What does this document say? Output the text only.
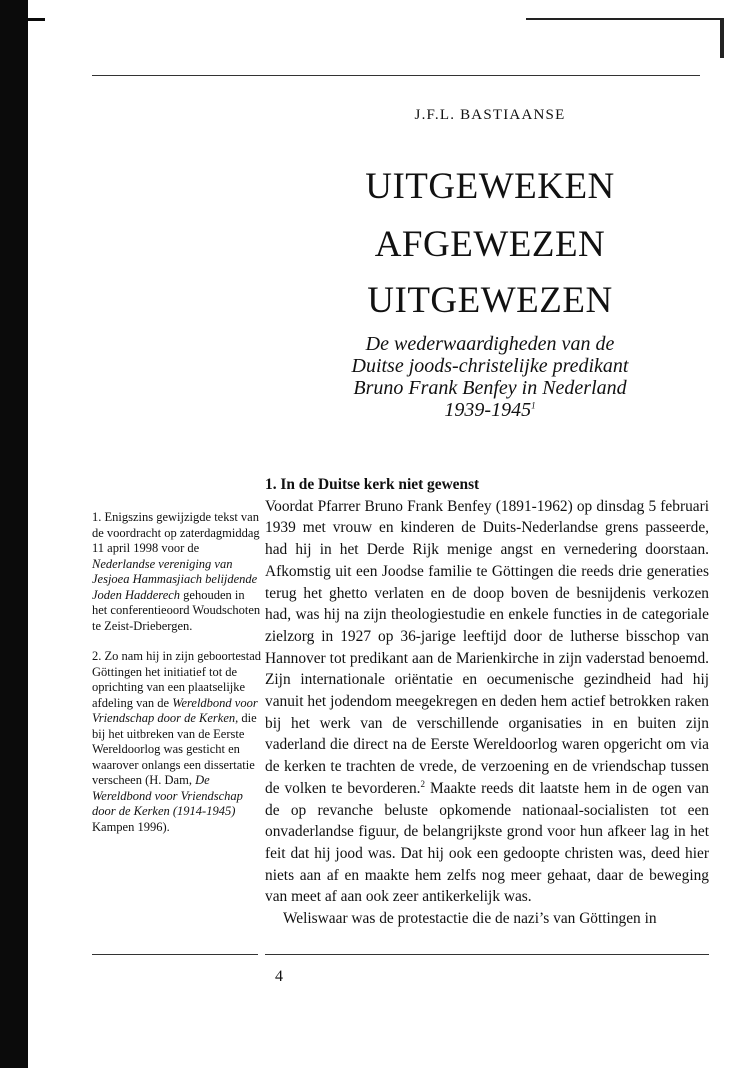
J.F.L. BASTIAANSE
UITGEWEKEN
AFGEWEZEN
UITGEWEZEN
De wederwaardigheden van de
Duitse joods-christelijke predikant
Bruno Frank Benfey in Nederland
1939-1945$^1$

1. Enigszins gewijzigde tekst van de voordracht op zaterdagmiddag 11 april 1998 voor de Nederlandse vereniging van Jesjoea Hammasjiach belijdende Joden Hadderech gehouden in het conferentieoord Woudschoten te Zeist-Driebergen.

2. Zo nam hij in zijn geboortestad Göttingen het initiatief tot de oprichting van een plaatselijke afdeling van de Wereldbond voor Vriendschap door de Kerken, die bij het uitbreken van de Eerste Wereldoorlog was gesticht en waarover onlangs een dissertatie verscheen (H. Dam, De Wereldbond voor Vriendschap door de Kerken (1914-1945) Kampen 1996).

1. In de Duitse kerk niet gewenst

Voordat Pfarrer Bruno Frank Benfey (1891-1962) op dinsdag 5 februari 1939 met vrouw en kinderen de Duits-Nederlandse grens passeerde, had hij in het Derde Rijk menige angst en vernedering doorstaan. Afkomstig uit een Joodse familie te Göttingen die reeds drie generaties terug het ghetto verlaten en de doop boven de besnijdenis verkozen had, was hij na zijn theologiestudie en enkele functies in de categoriale zielzorg in 1927 op 36-jarige leeftijd door de lutherse bisschop van Hannover tot predikant aan de Marienkirche in zijn vaderstad benoemd. Zijn internationale oriëntatie en oecumenische gezindheid had hij vanuit het jodendom meegekregen en deden hem actief betrokken raken bij het werk van de verschillende organisaties in en buiten zijn vaderland die direct na de Eerste Wereldoorlog waren opgericht om via de kerken te trachten de vrede, de verzoening en de vriendschap tussen de volken te bevorderen.$^2$ Maakte reeds dit laatste hem in de ogen van de op revanche beluste opkomende nationaal-socialisten tot een onvaderlandse figuur, de belangrijkste grond voor hun afkeer lag in het feit dat hij jood was. Dat hij ook een gedoopte christen was, deed hier niets aan af en maakte hem zelfs nog meer gehaat, daar de beweging van meet af aan ook zeer antikerkelijk was.

Weliswaar was de protestactie die de nazi’s van Göttingen in

4
